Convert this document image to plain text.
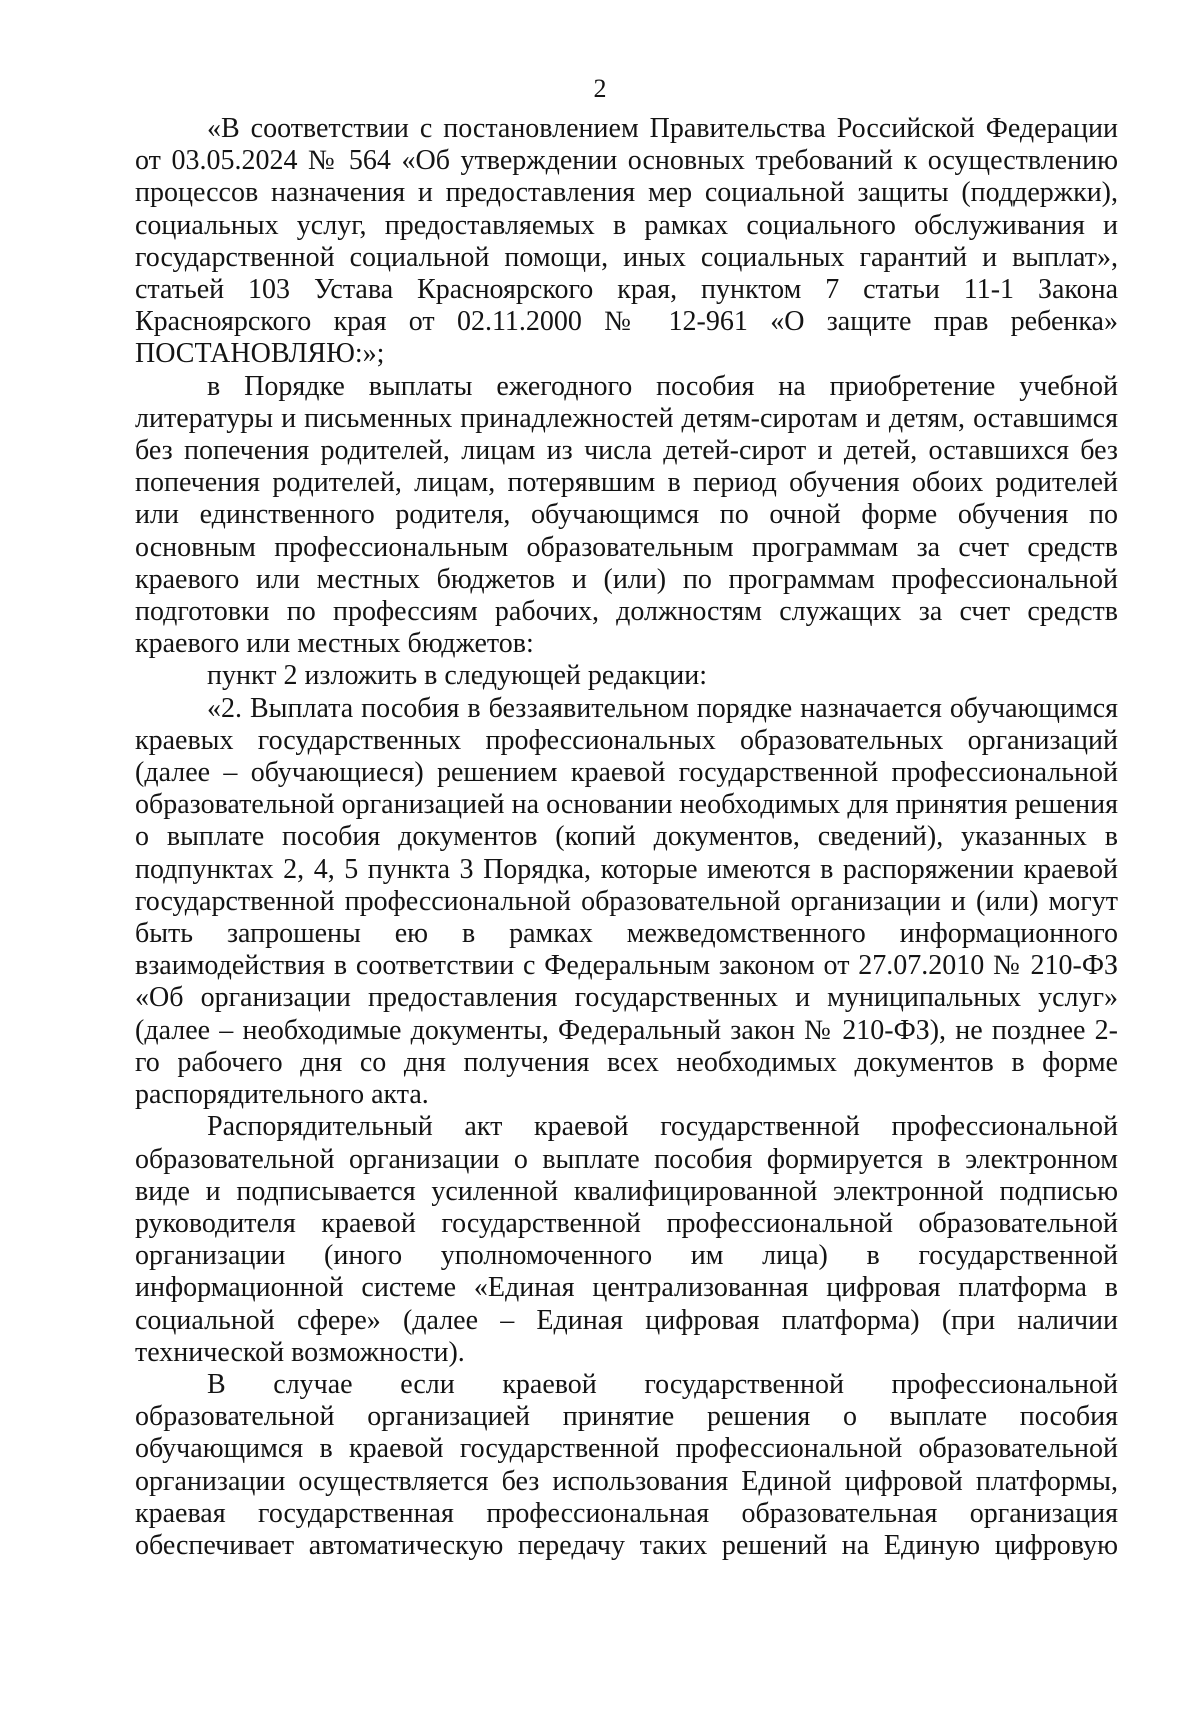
2

«В соответствии с постановлением Правительства Российской Федерации от 03.05.2024 № 564 «Об утверждении основных требований к осуществлению процессов назначения и предоставления мер социальной защиты (поддержки), социальных услуг, предоставляемых в рамках социального обслуживания и государственной социальной помощи, иных социальных гарантий и выплат», статьей 103 Устава Красноярского края, пунктом 7 статьи 11-1 Закона Красноярского края от 02.11.2000 № 12-961 «О защите прав ребенка» ПОСТАНОВЛЯЮ:»;

в Порядке выплаты ежегодного пособия на приобретение учебной литературы и письменных принадлежностей детям-сиротам и детям, оставшимся без попечения родителей, лицам из числа детей-сирот и детей, оставшихся без попечения родителей, лицам, потерявшим в период обучения обоих родителей или единственного родителя, обучающимся по очной форме обучения по основным профессиональным образовательным программам за счет средств краевого или местных бюджетов и (или) по программам профессиональной подготовки по профессиям рабочих, должностям служащих за счет средств краевого или местных бюджетов:

пункт 2 изложить в следующей редакции:

«2. Выплата пособия в беззаявительном порядке назначается обучающимся краевых государственных профессиональных образовательных организаций (далее – обучающиеся) решением краевой государственной профессиональной образовательной организацией на основании необходимых для принятия решения о выплате пособия документов (копий документов, сведений), указанных в подпунктах 2, 4, 5 пункта 3 Порядка, которые имеются в распоряжении краевой государственной профессиональной образовательной организации и (или) могут быть запрошены ею в рамках межведомственного информационного взаимодействия в соответствии с Федеральным законом от 27.07.2010 № 210-ФЗ «Об организации предоставления государственных и муниципальных услуг» (далее – необходимые документы, Федеральный закон № 210-ФЗ), не позднее 2-го рабочего дня со дня получения всех необходимых документов в форме распорядительного акта.

Распорядительный акт краевой государственной профессиональной образовательной организации о выплате пособия формируется в электронном виде и подписывается усиленной квалифицированной электронной подписью руководителя краевой государственной профессиональной образовательной организации (иного уполномоченного им лица) в государственной информационной системе «Единая централизованная цифровая платформа в социальной сфере» (далее – Единая цифровая платформа) (при наличии технической возможности).

В случае если краевой государственной профессиональной образовательной организацией принятие решения о выплате пособия обучающимся в краевой государственной профессиональной образовательной организации осуществляется без использования Единой цифровой платформы, краевая государственная профессиональная образовательная организация обеспечивает автоматическую передачу таких решений на Единую цифровую
